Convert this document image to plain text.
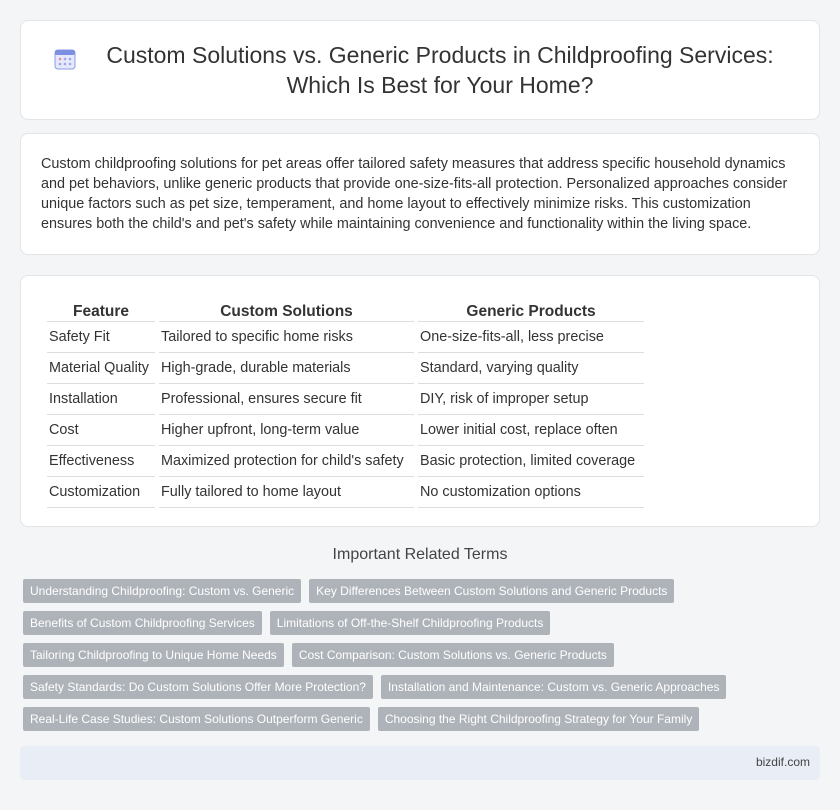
Custom Solutions vs. Generic Products in Childproofing Services: Which Is Best for Your Home?

Custom childproofing solutions for pet areas offer tailored safety measures that address specific household dynamics and pet behaviors, unlike generic products that provide one-size-fits-all protection. Personalized approaches consider unique factors such as pet size, temperament, and home layout to effectively minimize risks. This customization ensures both the child's and pet's safety while maintaining convenience and functionality within the living space.

Feature	Custom Solutions	Generic Products
Safety Fit	Tailored to specific home risks	One-size-fits-all, less precise
Material Quality	High-grade, durable materials	Standard, varying quality
Installation	Professional, ensures secure fit	DIY, risk of improper setup
Cost	Higher upfront, long-term value	Lower initial cost, replace often
Effectiveness	Maximized protection for child's safety	Basic protection, limited coverage
Customization	Fully tailored to home layout	No customization options
Important Related Terms
Understanding Childproofing: Custom vs. Generic	Key Differences Between Custom Solutions and Generic Products
Benefits of Custom Childproofing Services	Limitations of Off-the-Shelf Childproofing Products
Tailoring Childproofing to Unique Home Needs	Cost Comparison: Custom Solutions vs. Generic Products
Safety Standards: Do Custom Solutions Offer More Protection?	Installation and Maintenance: Custom vs. Generic Approaches
Real-Life Case Studies: Custom Solutions Outperform Generic	Choosing the Right Childproofing Strategy for Your Family
bizdif.com
